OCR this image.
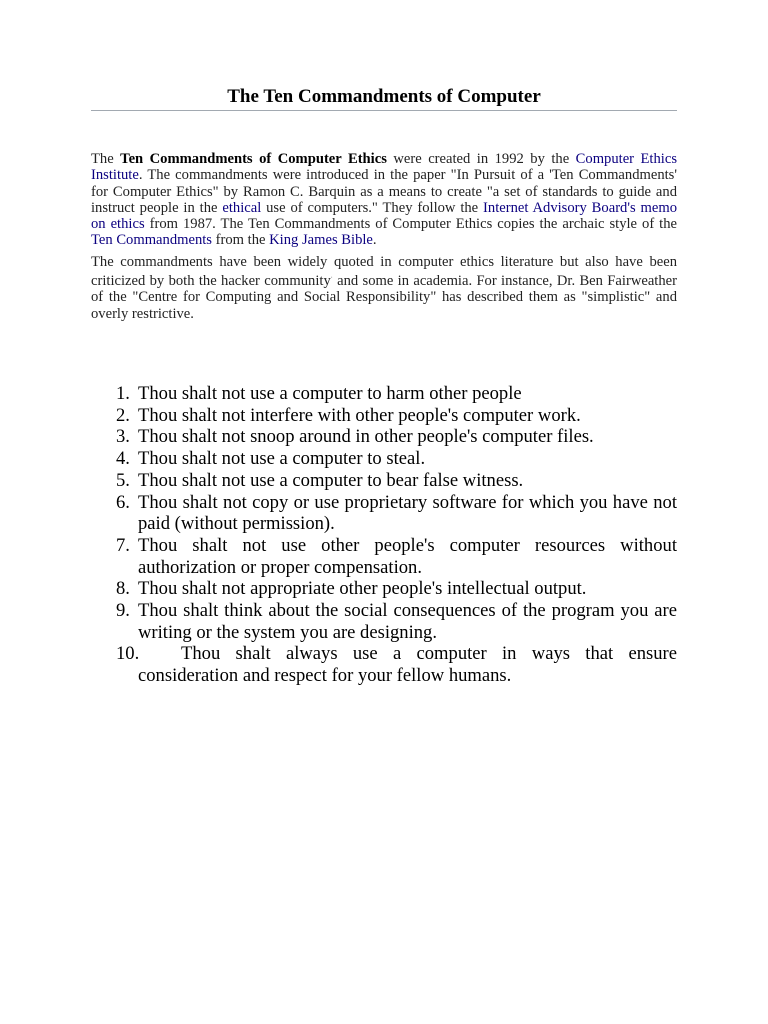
The Ten Commandments of Computer

The Ten Commandments of Computer Ethics were created in 1992 by the Computer Ethics Institute. The commandments were introduced in the paper "In Pursuit of a 'Ten Commandments' for Computer Ethics" by Ramon C. Barquin as a means to create "a set of standards to guide and instruct people in the ethical use of computers." They follow the Internet Advisory Board's memo on ethics from 1987. The Ten Commandments of Computer Ethics copies the archaic style of the Ten Commandments from the King James Bible.

The commandments have been widely quoted in computer ethics literature but also have been criticized by both the hacker community· and some in academia. For instance, Dr. Ben Fairweather of the "Centre for Computing and Social Responsibility" has described them as "simplistic" and overly restrictive.

1. Thou shalt not use a computer to harm other people
2. Thou shalt not interfere with other people's computer work.
3. Thou shalt not snoop around in other people's computer files.
4. Thou shalt not use a computer to steal.
5. Thou shalt not use a computer to bear false witness.
6. Thou shalt not copy or use proprietary software for which you have not paid (without permission).
7. Thou shalt not use other people's computer resources without authorization or proper compensation.
8. Thou shalt not appropriate other people's intellectual output.
9. Thou shalt think about the social consequences of the program you are writing or the system you are designing.
10. Thou shalt always use a computer in ways that ensure consideration and respect for your fellow humans.
